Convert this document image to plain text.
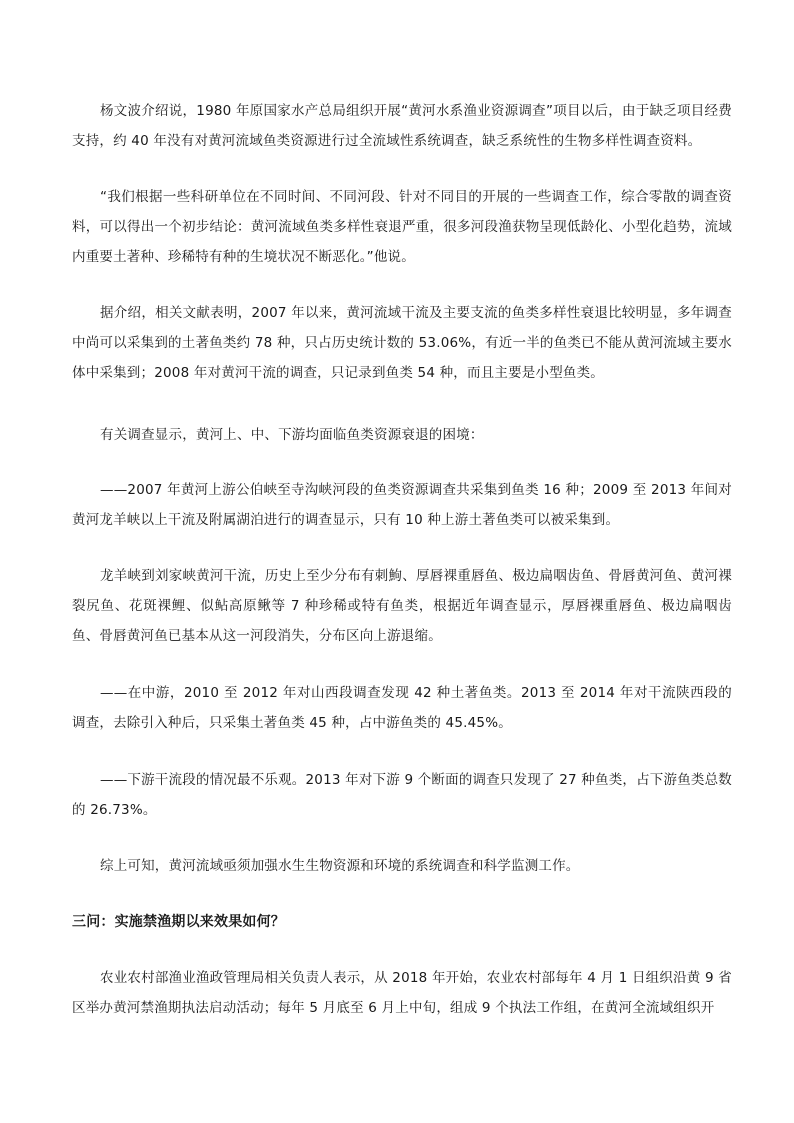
杨文波介绍说，1980 年原国家水产总局组织开展“黄河水系渔业资源调查”项目以后，由于缺乏项目经费支持，约 40 年没有对黄河流域鱼类资源进行过全流域性系统调查，缺乏系统性的生物多样性调查资料。

“我们根据一些科研单位在不同时间、不同河段、针对不同目的开展的一些调查工作，综合零散的调查资料，可以得出一个初步结论：黄河流域鱼类多样性衰退严重，很多河段渔获物呈现低龄化、小型化趋势，流域内重要土著种、珍稀特有种的生境状况不断恶化。”他说。

据介绍，相关文献表明，2007 年以来，黄河流域干流及主要支流的鱼类多样性衰退比较明显，多年调查中尚可以采集到的土著鱼类约 78 种，只占历史统计数的 53.06%，有近一半的鱼类已不能从黄河流域主要水体中采集到；2008 年对黄河干流的调查，只记录到鱼类 54 种，而且主要是小型鱼类。

有关调查显示，黄河上、中、下游均面临鱼类资源衰退的困境：

——2007 年黄河上游公伯峡至寺沟峡河段的鱼类资源调查共采集到鱼类 16 种；2009 至 2013 年间对黄河龙羊峡以上干流及附属湖泊进行的调查显示，只有 10 种上游土著鱼类可以被采集到。

龙羊峡到刘家峡黄河干流，历史上至少分布有刺鮈、厚唇裸重唇鱼、极边扁咽齿鱼、骨唇黄河鱼、黄河裸裂尻鱼、花斑裸鲤、似鲇高原鳅等 7 种珍稀或特有鱼类，根据近年调查显示，厚唇裸重唇鱼、极边扁咽齿鱼、骨唇黄河鱼已基本从这一河段消失，分布区向上游退缩。

——在中游，2010 至 2012 年对山西段调查发现 42 种土著鱼类。2013 至 2014 年对干流陕西段的调查，去除引入种后，只采集土著鱼类 45 种，占中游鱼类的 45.45%。

——下游干流段的情况最不乐观。2013 年对下游 9 个断面的调查只发现了 27 种鱼类，占下游鱼类总数的 26.73%。

综上可知，黄河流域亟须加强水生生物资源和环境的系统调查和科学监测工作。

三问：实施禁渔期以来效果如何？

农业农村部渔业渔政管理局相关负责人表示，从 2018 年开始，农业农村部每年 4 月 1 日组织沿黄 9 省区举办黄河禁渔期执法启动活动；每年 5 月底至 6 月上中旬，组成 9 个执法工作组，在黄河全流域组织开
